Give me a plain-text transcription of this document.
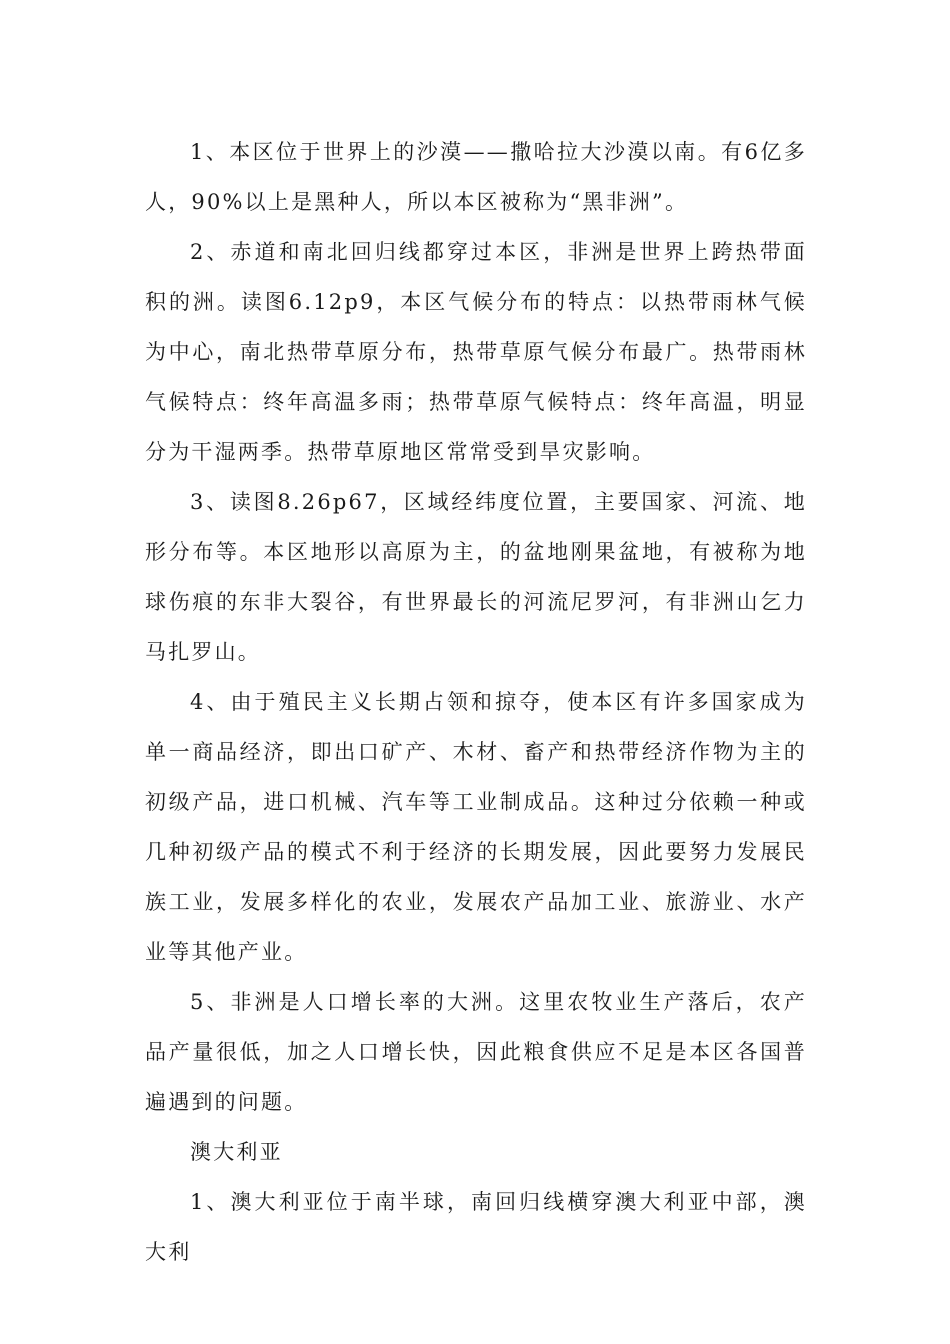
1、本区位于世界上的沙漠——撒哈拉大沙漠以南。有6亿多人，90%以上是黑种人，所以本区被称为“黑非洲”。

2、赤道和南北回归线都穿过本区，非洲是世界上跨热带面积的洲。读图6.12p9，本区气候分布的特点：以热带雨林气候为中心，南北热带草原分布，热带草原气候分布最广。热带雨林气候特点：终年高温多雨；热带草原气候特点：终年高温，明显分为干湿两季。热带草原地区常常受到旱灾影响。

3、读图8.26p67，区域经纬度位置，主要国家、河流、地形分布等。本区地形以高原为主，的盆地刚果盆地，有被称为地球伤痕的东非大裂谷，有世界最长的河流尼罗河，有非洲山乞力马扎罗山。

4、由于殖民主义长期占领和掠夺，使本区有许多国家成为单一商品经济，即出口矿产、木材、畜产和热带经济作物为主的初级产品，进口机械、汽车等工业制成品。这种过分依赖一种或几种初级产品的模式不利于经济的长期发展，因此要努力发展民族工业，发展多样化的农业，发展农产品加工业、旅游业、水产业等其他产业。

5、非洲是人口增长率的大洲。这里农牧业生产落后，农产品产量很低，加之人口增长快，因此粮食供应不足是本区各国普遍遇到的问题。

澳大利亚

1、澳大利亚位于南半球，南回归线横穿澳大利亚中部，澳大利
